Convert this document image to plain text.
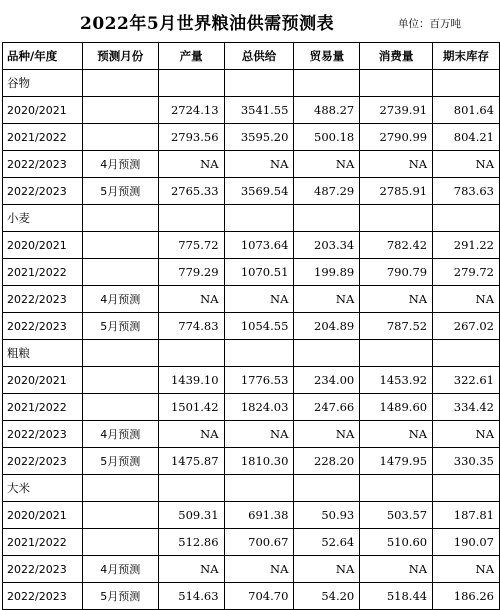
2022年5月世界粮油供需预测表	单位：百万吨
品种/年度	预测月份	产量	总供给	贸易量	消费量	期末库存
谷物						
2020/2021		2724.13	3541.55	488.27	2739.91	801.64
2021/2022		2793.56	3595.20	500.18	2790.99	804.21
2022/2023	4月预测	NA	NA	NA	NA	NA
2022/2023	5月预测	2765.33	3569.54	487.29	2785.91	783.63
小麦						
2020/2021		775.72	1073.64	203.34	782.42	291.22
2021/2022		779.29	1070.51	199.89	790.79	279.72
2022/2023	4月预测	NA	NA	NA	NA	NA
2022/2023	5月预测	774.83	1054.55	204.89	787.52	267.02
粗粮						
2020/2021		1439.10	1776.53	234.00	1453.92	322.61
2021/2022		1501.42	1824.03	247.66	1489.60	334.42
2022/2023	4月预测	NA	NA	NA	NA	NA
2022/2023	5月预测	1475.87	1810.30	228.20	1479.95	330.35
大米						
2020/2021		509.31	691.38	50.93	503.57	187.81
2021/2022		512.86	700.67	52.64	510.60	190.07
2022/2023	4月预测	NA	NA	NA	NA	NA
2022/2023	5月预测	514.63	704.70	54.20	518.44	186.26
